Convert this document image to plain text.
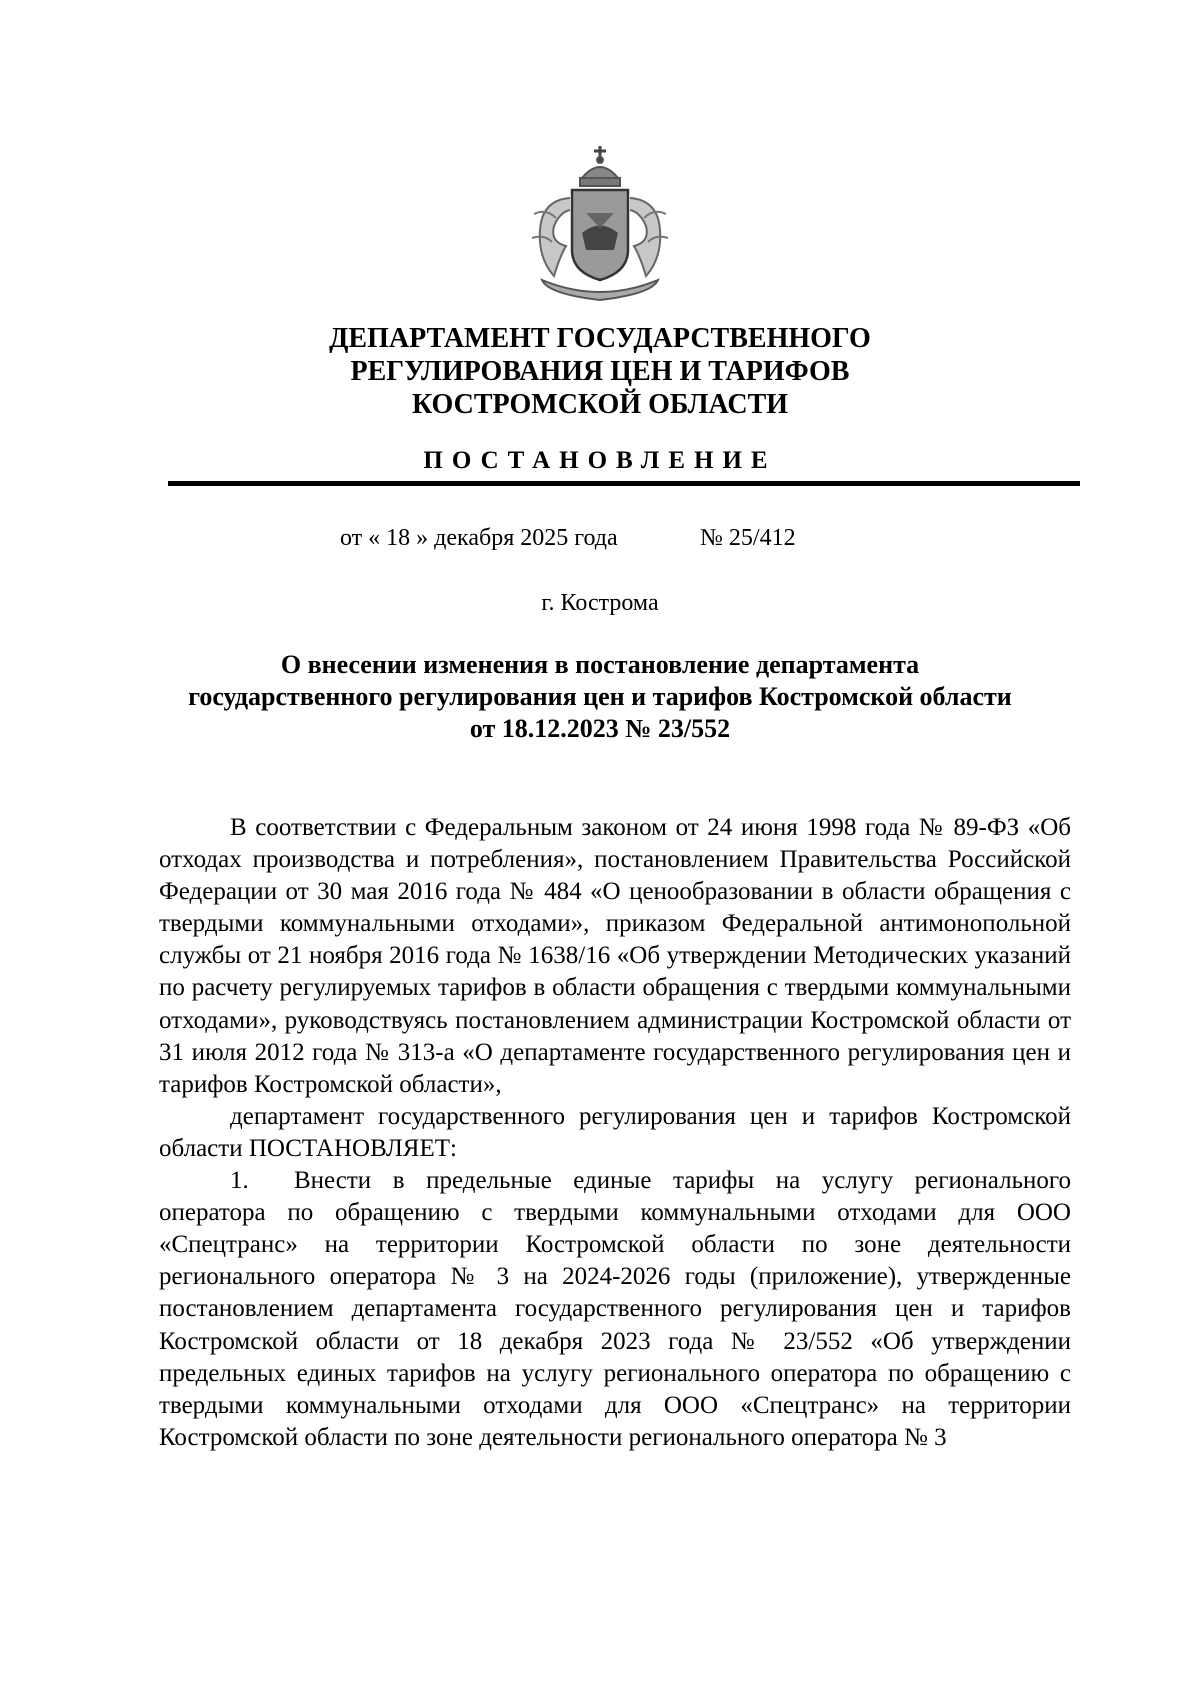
ДЕПАРТАМЕНТ ГОСУДАРСТВЕННОГО
РЕГУЛИРОВАНИЯ ЦЕН И ТАРИФОВ
КОСТРОМСКОЙ ОБЛАСТИ
ПОСТАНОВЛЕНИЕ
от « 18 » декабря 2025 года	№ 25/412
г. Кострома
О внесении изменения в постановление департамента
государственного регулирования цен и тарифов Костромской области
от 18.12.2023 № 23/552

В соответствии с Федеральным законом от 24 июня 1998 года № 89-ФЗ «Об отходах производства и потребления», постановлением Правительства Российской Федерации от 30 мая 2016 года № 484 «О ценообразовании в области обращения с твердыми коммунальными отходами», приказом Федеральной антимонопольной службы от 21 ноября 2016 года № 1638/16 «Об утверждении Методических указаний по расчету регулируемых тарифов в области обращения с твердыми коммунальными отходами», руководствуясь постановлением администрации Костромской области от 31 июля 2012 года № 313-а «О департаменте государственного регулирования цен и тарифов Костромской области»,

департамент государственного регулирования цен и тарифов Костромской области ПОСТАНОВЛЯЕТ:

1. Внести в предельные единые тарифы на услугу регионального оператора по обращению с твердыми коммунальными отходами для ООО «Спецтранс» на территории Костромской области по зоне деятельности регионального оператора № 3 на 2024-2026 годы (приложение), утвержденные постановлением департамента государственного регулирования цен и тарифов Костромской области от 18 декабря 2023 года № 23/552 «Об утверждении предельных единых тарифов на услугу регионального оператора по обращению с твердыми коммунальными отходами для ООО «Спецтранс» на территории Костромской области по зоне деятельности регионального оператора № 3
